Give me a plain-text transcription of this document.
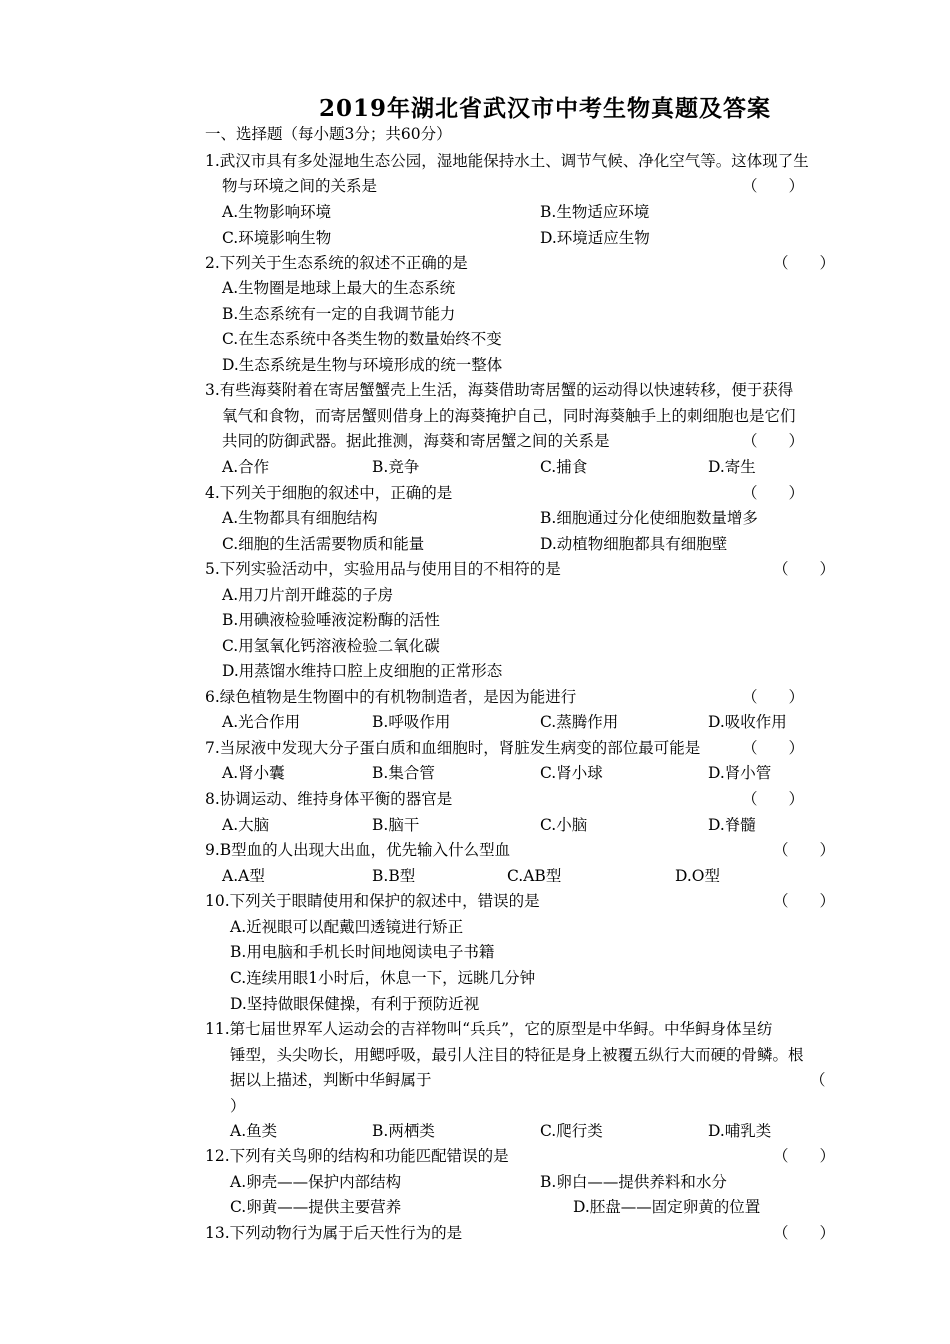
2019年湖北省武汉市中考生物真题及答案
一、选择题（每小题3分；共60分）
1.武汉市具有多处湿地生态公园，湿地能保持水土、调节气候、净化空气等。这体现了生
物与环境之间的关系是	（　　）
A.生物影响环境	B.生物适应环境
C.环境影响生物	D.环境适应生物
2.下列关于生态系统的叙述不正确的是	（　　）
A.生物圈是地球上最大的生态系统
B.生态系统有一定的自我调节能力
C.在生态系统中各类生物的数量始终不变
D.生态系统是生物与环境形成的统一整体
3.有些海葵附着在寄居蟹蟹壳上生活，海葵借助寄居蟹的运动得以快速转移，便于获得
氧气和食物，而寄居蟹则借身上的海葵掩护自己，同时海葵触手上的刺细胞也是它们
共同的防御武器。据此推测，海葵和寄居蟹之间的关系是	（　　）
A.合作	B.竞争	C.捕食	D.寄生
4.下列关于细胞的叙述中，正确的是	（　　）
A.生物都具有细胞结构	B.细胞通过分化使细胞数量增多
C.细胞的生活需要物质和能量	D.动植物细胞都具有细胞壁
5.下列实验活动中，实验用品与使用目的不相符的是	（　　）
A.用刀片剖开雌蕊的子房
B.用碘液检验唾液淀粉酶的活性
C.用氢氧化钙溶液检验二氧化碳
D.用蒸馏水维持口腔上皮细胞的正常形态
6.绿色植物是生物圈中的有机物制造者，是因为能进行	（　　）
A.光合作用	B.呼吸作用	C.蒸腾作用	D.吸收作用
7.当尿液中发现大分子蛋白质和血细胞时，肾脏发生病变的部位最可能是	（　　）
A.肾小囊	B.集合管	C.肾小球	D.肾小管
8.协调运动、维持身体平衡的器官是	（　　）
A.大脑	B.脑干	C.小脑	D.脊髓
9.B型血的人出现大出血，优先输入什么型血	（　　）
A.A型	B.B型	C.AB型	D.O型
10.下列关于眼睛使用和保护的叙述中，错误的是	（　　）
A.近视眼可以配戴凹透镜进行矫正
B.用电脑和手机长时间地阅读电子书籍
C.连续用眼1小时后，休息一下，远眺几分钟
D.坚持做眼保健操，有利于预防近视
11.第七届世界军人运动会的吉祥物叫“兵兵”，它的原型是中华鲟。中华鲟身体呈纺
锤型，头尖吻长，用鳃呼吸，最引人注目的特征是身上被覆五纵行大而硬的骨鳞。根
据以上描述，判断中华鲟属于	（
）
A.鱼类	B.两栖类	C.爬行类	D.哺乳类
12.下列有关鸟卵的结构和功能匹配错误的是	（　　）
A.卵壳——保护内部结构	B.卵白——提供养料和水分
C.卵黄——提供主要营养	D.胚盘——固定卵黄的位置
13.下列动物行为属于后天性行为的是	（　　）
